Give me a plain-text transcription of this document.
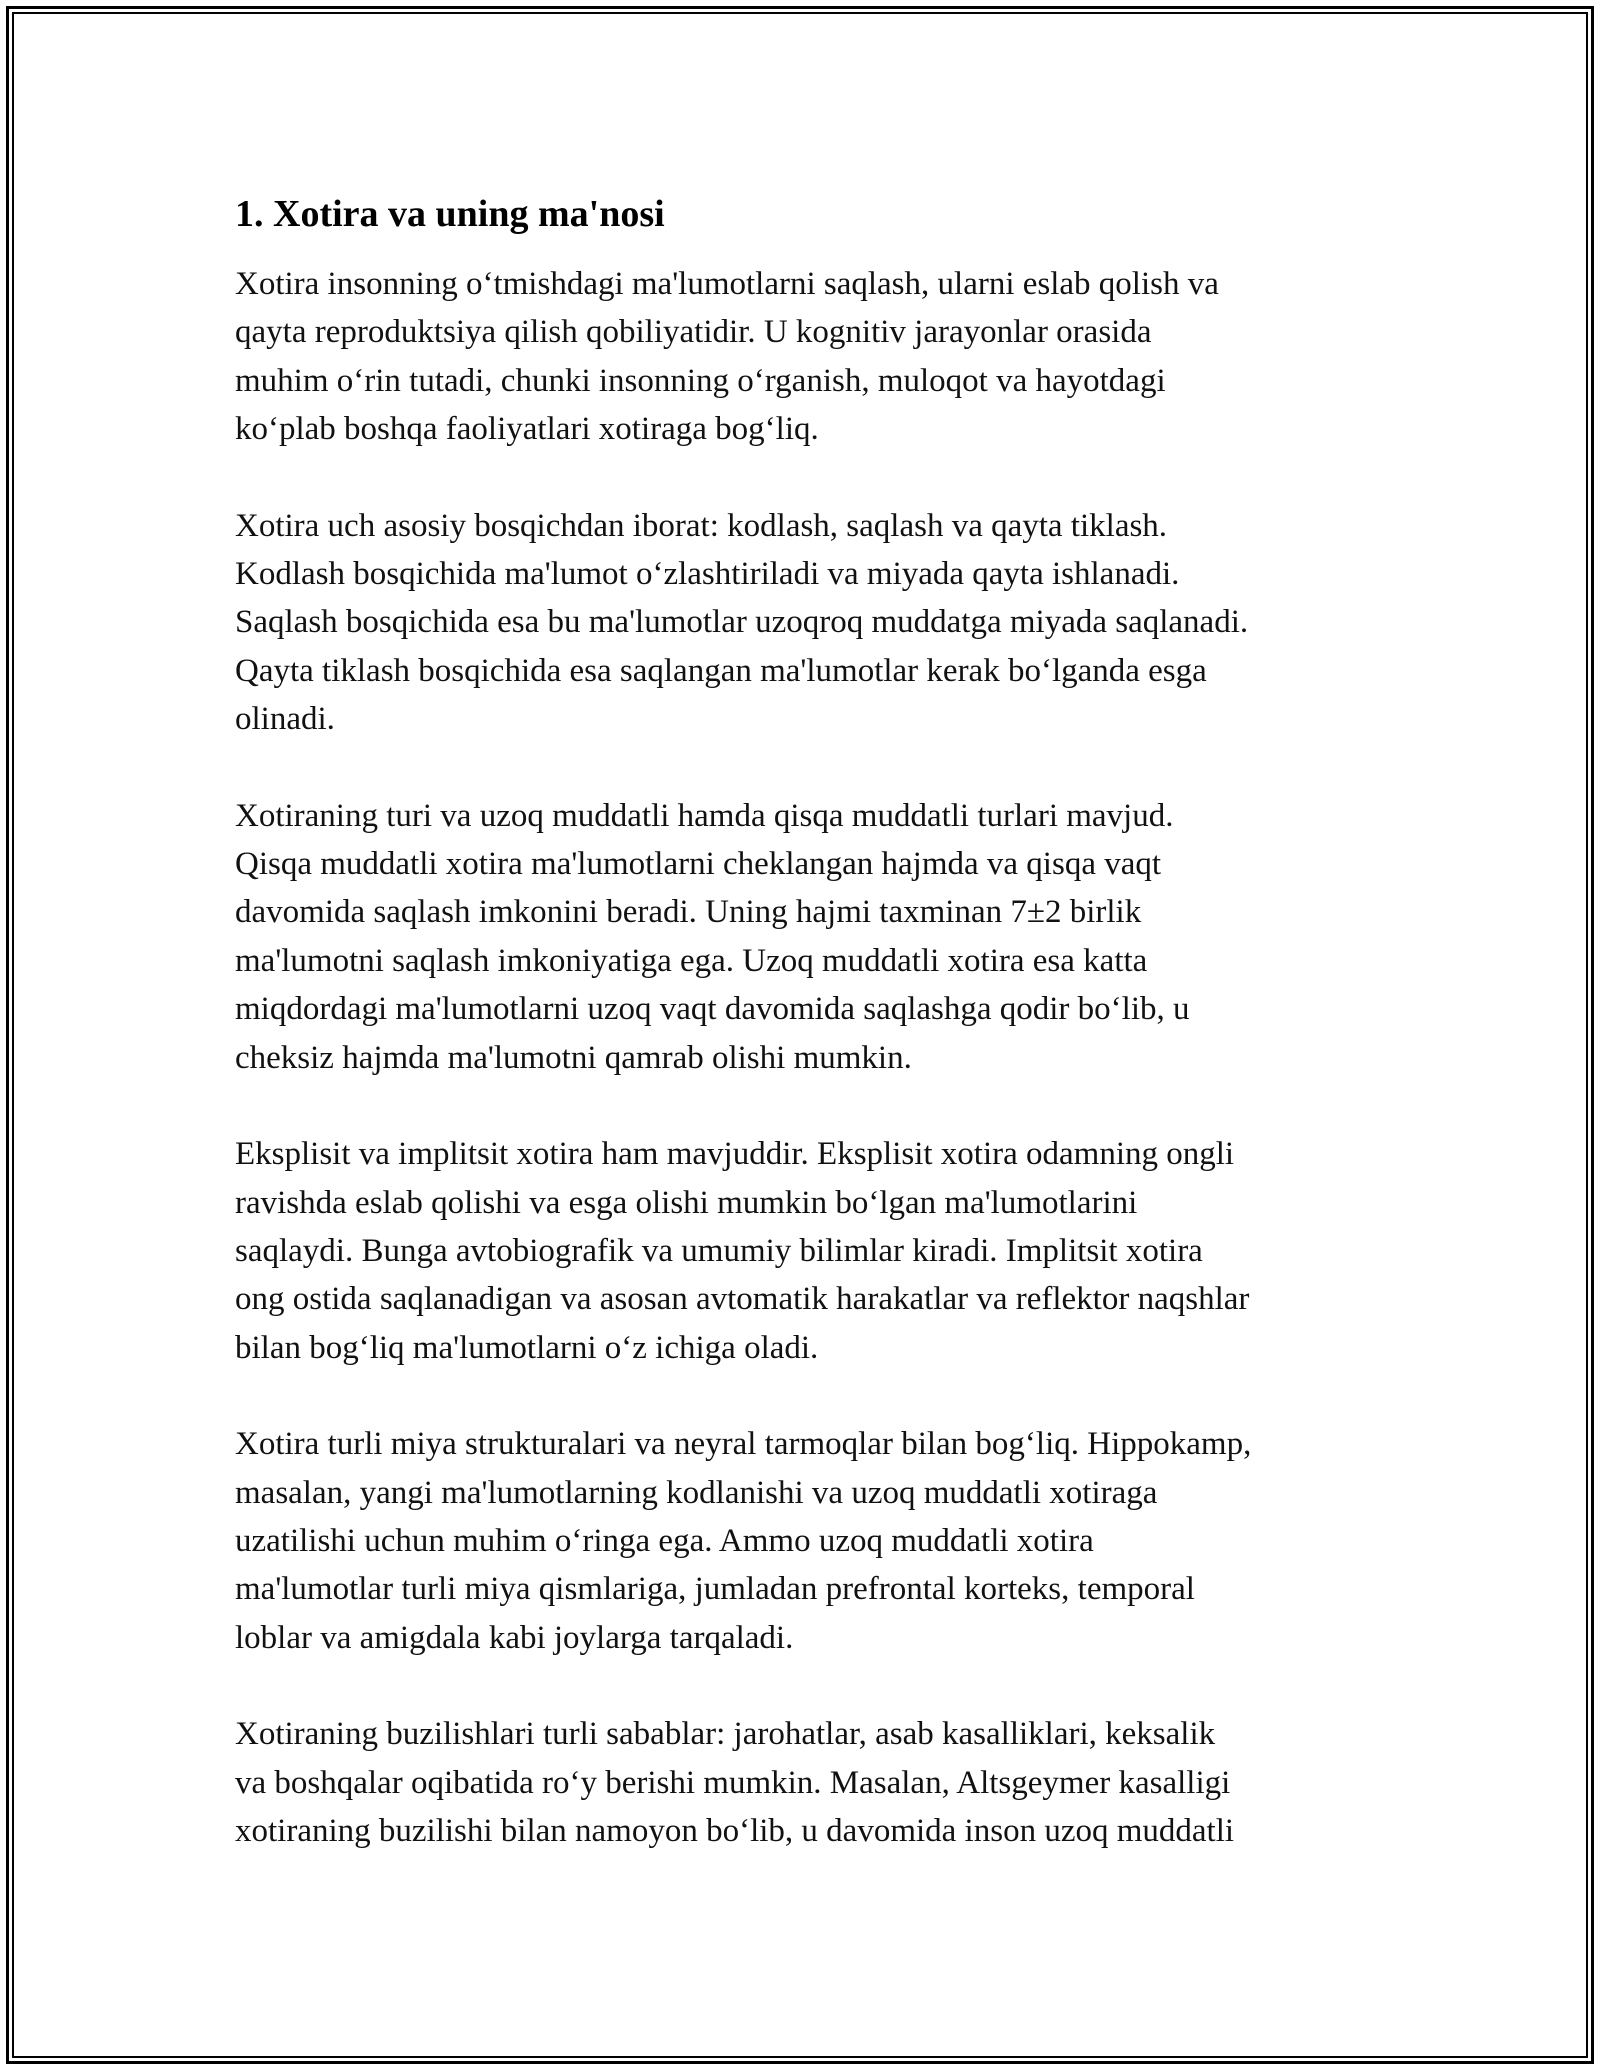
1. Xotira va uning ma'nosi

Xotira insonning oʻtmishdagi ma'lumotlarni saqlash, ularni eslab qolish va
qayta reproduktsiya qilish qobiliyatidir. U kognitiv jarayonlar orasida
muhim oʻrin tutadi, chunki insonning oʻrganish, muloqot va hayotdagi
koʻplab boshqa faoliyatlari xotiraga bogʻliq.

Xotira uch asosiy bosqichdan iborat: kodlash, saqlash va qayta tiklash.
Kodlash bosqichida ma'lumot oʻzlashtiriladi va miyada qayta ishlanadi.
Saqlash bosqichida esa bu ma'lumotlar uzoqroq muddatga miyada saqlanadi.
Qayta tiklash bosqichida esa saqlangan ma'lumotlar kerak boʻlganda esga
olinadi.

Xotiraning turi va uzoq muddatli hamda qisqa muddatli turlari mavjud.
Qisqa muddatli xotira ma'lumotlarni cheklangan hajmda va qisqa vaqt
davomida saqlash imkonini beradi. Uning hajmi taxminan 7±2 birlik
ma'lumotni saqlash imkoniyatiga ega. Uzoq muddatli xotira esa katta
miqdordagi ma'lumotlarni uzoq vaqt davomida saqlashga qodir boʻlib, u
cheksiz hajmda ma'lumotni qamrab olishi mumkin.

Eksplisit va implitsit xotira ham mavjuddir. Eksplisit xotira odamning ongli
ravishda eslab qolishi va esga olishi mumkin boʻlgan ma'lumotlarini
saqlaydi. Bunga avtobiografik va umumiy bilimlar kiradi. Implitsit xotira
ong ostida saqlanadigan va asosan avtomatik harakatlar va reflektor naqshlar
bilan bogʻliq ma'lumotlarni oʻz ichiga oladi.

Xotira turli miya strukturalari va neyral tarmoqlar bilan bogʻliq. Hippokamp,
masalan, yangi ma'lumotlarning kodlanishi va uzoq muddatli xotiraga
uzatilishi uchun muhim oʻringa ega. Ammo uzoq muddatli xotira
ma'lumotlar turli miya qismlariga, jumladan prefrontal korteks, temporal
loblar va amigdala kabi joylarga tarqaladi.

Xotiraning buzilishlari turli sabablar: jarohatlar, asab kasalliklari, keksalik
va boshqalar oqibatida roʻy berishi mumkin. Masalan, Altsgeymer kasalligi
xotiraning buzilishi bilan namoyon boʻlib, u davomida inson uzoq muddatli
